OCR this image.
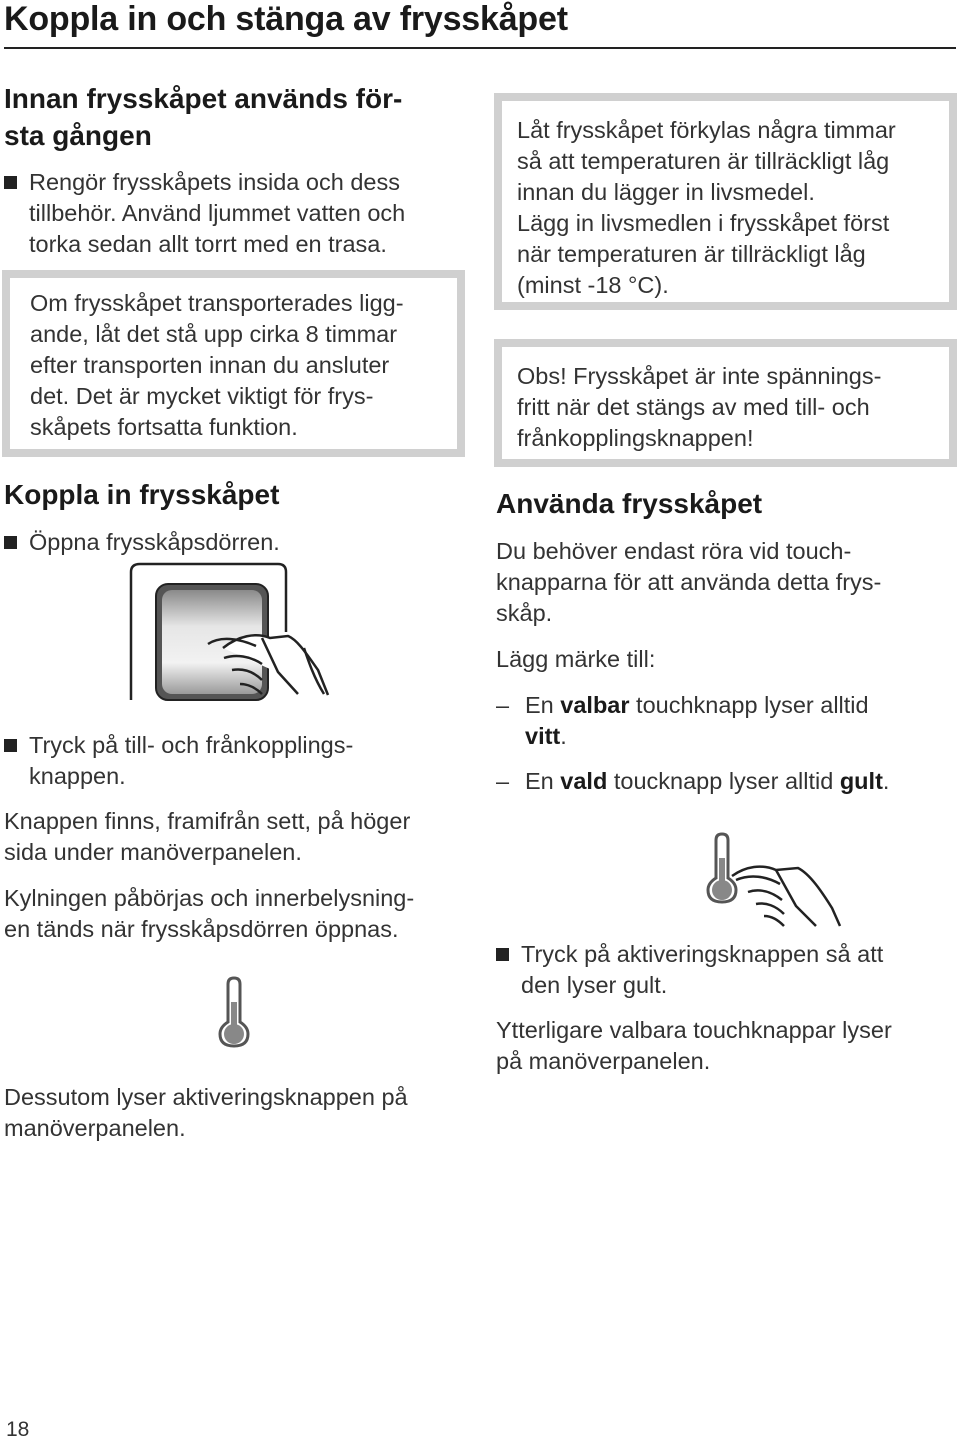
Koppla in och stänga av frysskåpet
Innan frysskåpet används för-
sta gången
Rengör frysskåpets insida och dess
tillbehör. Använd ljummet vatten och
torka sedan allt torrt med en trasa.

Om frysskåpet transporterades ligg-
ande, låt det stå upp cirka 8 timmar
efter transporten innan du ansluter
det. Det är mycket viktigt för frys-
skåpets fortsatta funktion.

Koppla in frysskåpet
Öppna frysskåpsdörren.
Tryck på till- och frånkopplings-
knappen.

Knappen finns, framifrån sett, på höger
sida under manöverpanelen.

Kylningen påbörjas och innerbelysning-
en tänds när frysskåpsdörren öppnas.

Dessutom lyser aktiveringsknappen på
manöverpanelen.

Låt frysskåpet förkylas några timmar
så att temperaturen är tillräckligt låg
innan du lägger in livsmedel.
Lägg in livsmedlen i frysskåpet först
när temperaturen är tillräckligt låg
(minst -18 °C).

Obs! Frysskåpet är inte spännings-
fritt när det stängs av med till- och
frånkopplingsknappen!

Använda frysskåpet

Du behöver endast röra vid touch-
knapparna för att använda detta frys-
skåp.

Lägg märke till:

– En valbar touchknapp lyser alltid
vitt.
– En vald toucknapp lyser alltid gult.
Tryck på aktiveringsknappen så att
den lyser gult.

Ytterligare valbara touchknappar lyser
på manöverpanelen.

18
